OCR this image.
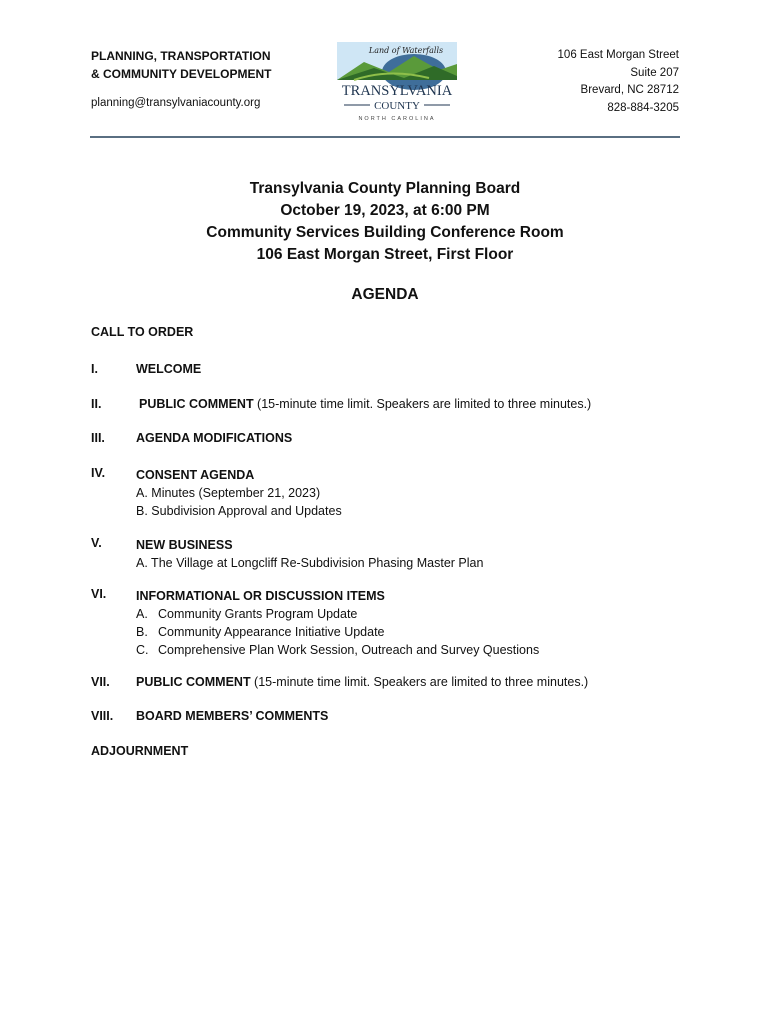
PLANNING, TRANSPORTATION
& COMMUNITY DEVELOPMENT
planning@transylvaniacounty.org
Land of Waterfalls
TRANSYLVANIA
COUNTY
NORTH CAROLINA
106 East Morgan Street
Suite 207
Brevard, NC 28712
828-884-3205
Transylvania County Planning Board
October 19, 2023, at 6:00 PM
Community Services Building Conference Room
106 East Morgan Street, First Floor
AGENDA
CALL TO ORDER
I.	WELCOME
II.	PUBLIC COMMENT (15-minute time limit. Speakers are limited to three minutes.)
III. AGENDA MODIFICATIONS
IV. CONSENT AGENDA
A. Minutes (September 21, 2023)
B. Subdivision Approval and Updates
V.	NEW BUSINESS
A. The Village at Longcliff Re-Subdivision Phasing Master Plan
VI. INFORMATIONAL OR DISCUSSION ITEMS
A. Community Grants Program Update
B. Community Appearance Initiative Update
C. Comprehensive Plan Work Session, Outreach and Survey Questions
VII. PUBLIC COMMENT (15-minute time limit. Speakers are limited to three minutes.)
VIII. BOARD MEMBERS’ COMMENTS
ADJOURNMENT
